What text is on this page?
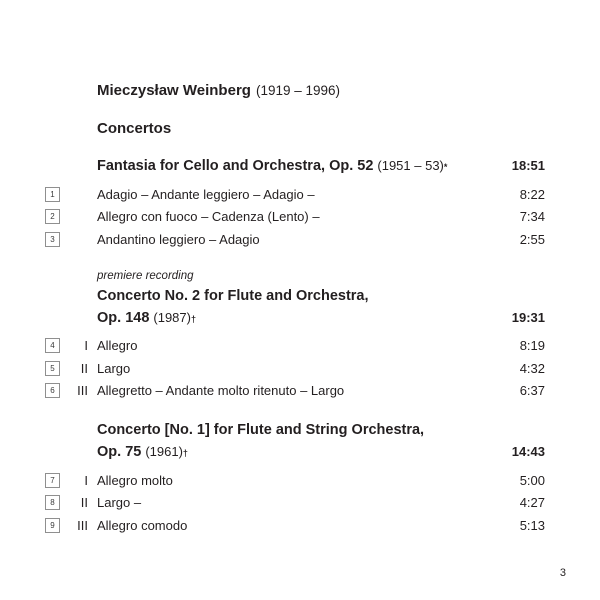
Mieczysław Weinberg (1919 – 1996)
Concertos
Fantasia for Cello and Orchestra, Op. 52 (1951 – 53) *	18:51
1	Adagio – Andante leggiero – Adagio –	8:22
2	Allegro con fuoco – Cadenza (Lento) –	7:34
3	Andantino leggiero – Adagio	2:55
premiere recording
Concerto No. 2 for Flute and Orchestra,
Op. 148 (1987) †	19:31
4	I Allegro	8:19
5	II Largo	4:32
6	III Allegretto – Andante molto ritenuto – Largo	6:37
Concerto [No. 1] for Flute and String Orchestra,
Op. 75 (1961) †	14:43
7	I Allegro molto	5:00
8	II Largo –	4:27
9	III Allegro comodo	5:13
3
